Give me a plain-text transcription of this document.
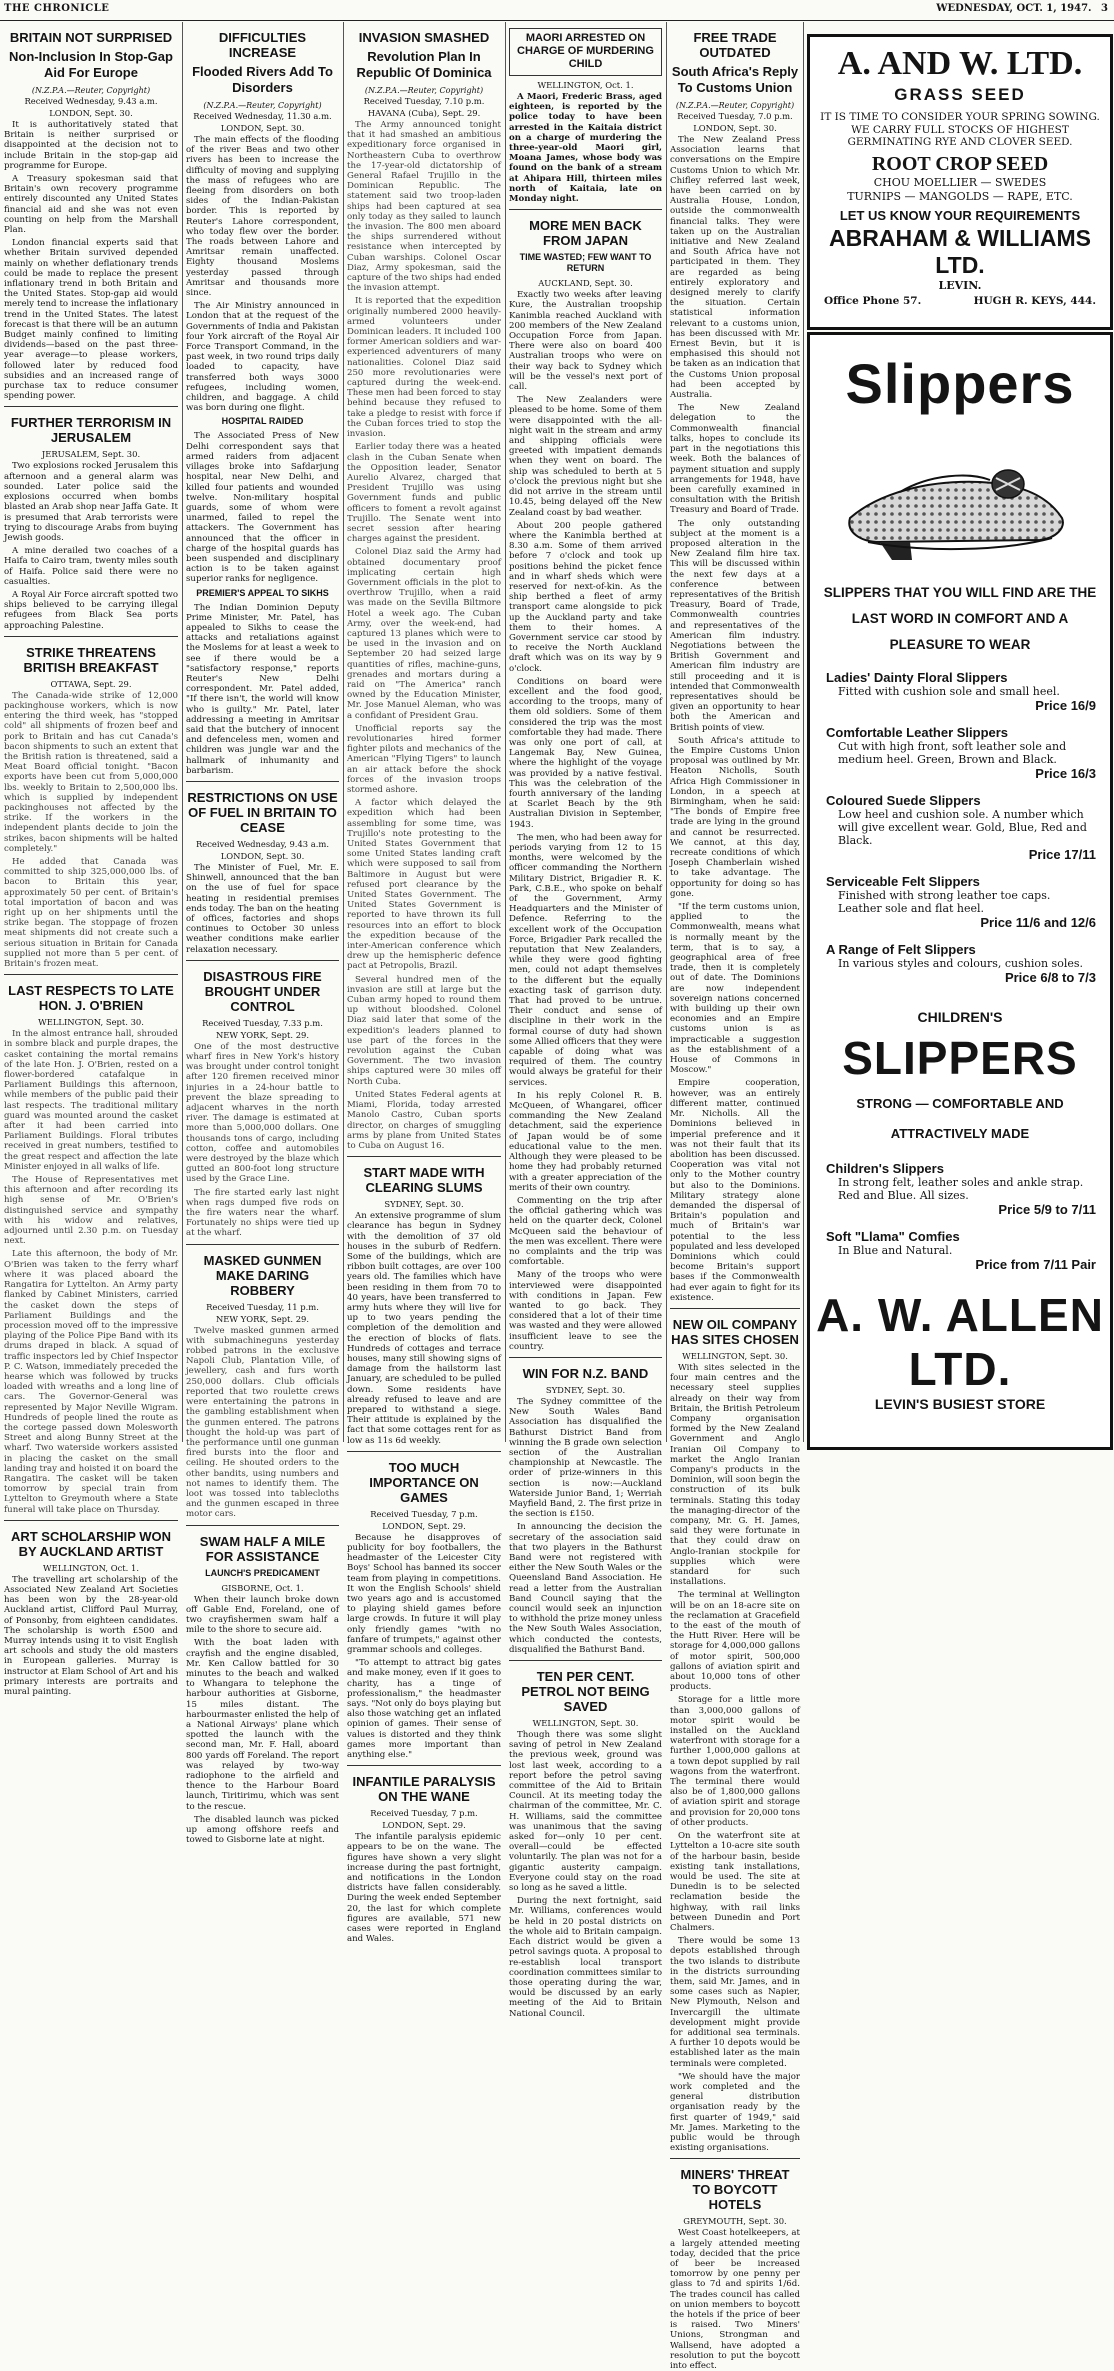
THE CHRONICLE	WEDNESDAY, OCT. 1, 1947. 3
BRITAIN NOT SURPRISED
Non-Inclusion In Stop-Gap Aid For Europe
(N.Z.P.A.—Reuter, Copyright)
Received Wednesday, 9.43 a.m.
LONDON, Sept. 30.

It is authoritatively stated that Britain is neither surprised or disappointed at the decision not to include Britain in the stop-gap aid programme for Europe.

A Treasury spokesman said that Britain's own recovery programme entirely discounted any United States financial aid and she was not even counting on help from the Marshall Plan.

London financial experts said that whether Britain survived depended mainly on whether deflationary trends could be made to replace the present inflationary trend in both Britain and the United States. Stop-gap aid would merely tend to increase the inflationary trend in the United States. The latest forecast is that there will be an autumn Budget mainly confined to limiting dividends—based on the past three-year average—to please workers, followed later by reduced food subsidies and an increased range of purchase tax to reduce consumer spending power.

FURTHER TERRORISM IN JERUSALEM
JERUSALEM, Sept. 30.

Two explosions rocked Jerusalem this afternoon and a general alarm was sounded. Later police said the explosions occurred when bombs blasted an Arab shop near Jaffa Gate. It is presumed that Arab terrorists were trying to discourage Arabs from buying Jewish goods.

A mine derailed two coaches of a Haifa to Cairo tram, twenty miles south of Haifa. Police said there were no casualties.

A Royal Air Force aircraft spotted two ships believed to be carrying illegal refugees from Black Sea ports approaching Palestine.

STRIKE THREATENS BRITISH BREAKFAST
OTTAWA, Sept. 29.

The Canada-wide strike of 12,000 packinghouse workers, which is now entering the third week, has "stopped cold" all shipments of frozen beef and pork to Britain and has cut Canada's bacon shipments to such an extent that the British ration is threatened, said a Meat Board official tonight. "Bacon exports have been cut from 5,000,000 lbs. weekly to Britain to 2,500,000 lbs. which is supplied by independent packinghouses not affected by the strike. If the workers in the independent plants decide to join the strikes, bacon shipments will be halted completely."

He added that Canada was committed to ship 325,000,000 lbs. of bacon to Britain this year, approximately 50 per cent. of Britain's total importation of bacon and was right up on her shipments until the strike began. The stoppage of frozen meat shipments did not create such a serious situation in Britain for Canada supplied not more than 5 per cent. of Britain's frozen meat.

LAST RESPECTS TO LATE HON. J. O'BRIEN
WELLINGTON, Sept. 30.

In the almost entrance hall, shrouded in sombre black and purple drapes, the casket containing the mortal remains of the late Hon. J. O'Brien, rested on a flower-bordered catafalque in Parliament Buildings this afternoon, while members of the public paid their last respects. The traditional military guard was mounted around the casket after it had been carried into Parliament Buildings. Floral tributes received in great numbers, testified to the great respect and affection the late Minister enjoyed in all walks of life.

The House of Representatives met this afternoon and after recording its high sense of Mr. O'Brien's distinguished service and sympathy with his widow and relatives, adjourned until 2.30 p.m. on Tuesday next.

Late this afternoon, the body of Mr. O'Brien was taken to the ferry wharf where it was placed aboard the Rangatira for Lyttelton. An Army party flanked by Cabinet Ministers, carried the casket down the steps of Parliament Buildings and the procession moved off to the impressive playing of the Police Pipe Band with its drums draped in black. A squad of traffic inspectors led by Chief Inspector P. C. Watson, immediately preceded the hearse which was followed by trucks loaded with wreaths and a long line of cars. The Governor-General was represented by Major Neville Wigram. Hundreds of people lined the route as the cortege passed down Molesworth Street and along Bunny Street at the wharf. Two waterside workers assisted in placing the casket on the small landing tray and hoisted it on board the Rangatira. The casket will be taken tomorrow by special train from Lyttelton to Greymouth where a State funeral will take place on Thursday.

ART SCHOLARSHIP WON BY AUCKLAND ARTIST
WELLINGTON, Oct. 1.

The travelling art scholarship of the Associated New Zealand Art Societies has been won by the 28-year-old Auckland artist, Clifford Paul Murray, of Ponsonby, from eighteen candidates. The scholarship is worth £500 and Murray intends using it to visit English art schools and study the old masters in European galleries. Murray is instructor at Elam School of Art and his primary interests are portraits and mural painting.

DIFFICULTIES INCREASE
Flooded Rivers Add To Disorders
(N.Z.P.A.—Reuter, Copyright)
Received Wednesday, 11.30 a.m.
LONDON, Sept. 30.

The main effects of the flooding of the river Beas and two other rivers has been to increase the difficulty of moving and supplying the mass of refugees who are fleeing from disorders on both sides of the Indian-Pakistan border. This is reported by Reuter's Lahore correspondent, who today flew over the border. The roads between Lahore and Amritsar remain unaffected. Eighty thousand Moslems yesterday passed through Amritsar and thousands more since.

The Air Ministry announced in London that at the request of the Governments of India and Pakistan four York aircraft of the Royal Air Force Transport Command, in the past week, in two round trips daily loaded to capacity, have transferred both ways 3000 refugees, including women, children, and baggage. A child was born during one flight.

HOSPITAL RAIDED

The Associated Press of New Delhi correspondent says that armed raiders from adjacent villages broke into Safdarjung hospital, near New Delhi, and killed four patients and wounded twelve. Non-military hospital guards, some of whom were unarmed, failed to repel the attackers. The Government has announced that the officer in charge of the hospital guards has been suspended and disciplinary action is to be taken against superior ranks for negligence.

PREMIER'S APPEAL TO SIKHS

The Indian Dominion Deputy Prime Minister, Mr. Patel, has appealed to Sikhs to cease the attacks and retaliations against the Moslems for at least a week to see if there would be a "satisfactory response," reports Reuter's New Delhi correspondent. Mr. Patel added, "If there isn't, the world will know who is guilty." Mr. Patel, later addressing a meeting in Amritsar said that the butchery of innocent and defenceless men, women and children was jungle war and the hallmark of inhumanity and barbarism.

RESTRICTIONS ON USE OF FUEL IN BRITAIN TO CEASE
Received Wednesday, 9.43 a.m.
LONDON, Sept. 30.

The Minister of Fuel, Mr. E. Shinwell, announced that the ban on the use of fuel for space heating in residential premises ends today. The ban on the heating of offices, factories and shops continues to October 30 unless weather conditions make earlier relaxation necessary.

DISASTROUS FIRE BROUGHT UNDER CONTROL
Received Tuesday, 7.33 p.m.
NEW YORK, Sept. 29.

One of the most destructive wharf fires in New York's history was brought under control tonight after 120 firemen received minor injuries in a 24-hour battle to prevent the blaze spreading to adjacent wharves in the north river. The damage is estimated at more than 5,000,000 dollars. One thousands tons of cargo, including cotton, coffee and automobiles were destroyed by the blaze which gutted an 800-foot long structure used by the Grace Line.

The fire started early last night when rags dumped five rods on the fire waters near the wharf. Fortunately no ships were tied up at the wharf.

MASKED GUNMEN MAKE DARING ROBBERY
Received Tuesday, 11 p.m.
NEW YORK, Sept. 29.

Twelve masked gunmen armed with submachineguns yesterday robbed patrons in the exclusive Napoli Club, Plantation Ville, of jewellery, cash and furs worth 250,000 dollars. Club officials reported that two roulette crews were entertaining the patrons in the gambling establishment when the gunmen entered. The patrons thought the hold-up was part of the performance until one gunman fired bursts into the floor and ceiling. He shouted orders to the other bandits, using numbers and not names to identify them. The loot was tossed into tablecloths and the gunmen escaped in three motor cars.

SWAM HALF A MILE FOR ASSISTANCE
LAUNCH'S PREDICAMENT
GISBORNE, Oct. 1.

When their launch broke down off Gable End, Foreland, one of two crayfishermen swam half a mile to the shore to secure aid.

With the boat laden with crayfish and the engine disabled, Mr. Ken Callow battled for 30 minutes to the beach and walked to Whangara to telephone the harbour authorities at Gisborne, 15 miles distant. The harbourmaster enlisted the help of a National Airways' plane which spotted the launch with the second man, Mr. F. Hall, aboard 800 yards off Foreland. The report was relayed by two-way radiophone to the airfield and thence to the Harbour Board launch, Tiritirimu, which was sent to the rescue.

The disabled launch was picked up among offshore reefs and towed to Gisborne late at night.

INVASION SMASHED
Revolution Plan In Republic Of Dominica
(N.Z.P.A.—Reuter, Copyright)
Received Tuesday, 7.10 p.m.
HAVANA (Cuba), Sept. 29.

The Army announced tonight that it had smashed an ambitious expeditionary force organised in Northeastern Cuba to overthrow the 17-year-old dictatorship of General Rafael Trujillo in the Dominican Republic. The statement said two troop-laden ships had been captured at sea only today as they sailed to launch the invasion. The 800 men aboard the ships surrendered without resistance when intercepted by Cuban warships. Colonel Oscar Diaz, Army spokesman, said the capture of the two ships had ended the invasion attempt.

It is reported that the expedition originally numbered 2000 heavily-armed volunteers under Dominican leaders. It included 100 former American soldiers and war-experienced adventurers of many nationalities. Colonel Diaz said 250 more revolutionaries were captured during the week-end. These men had been forced to stay behind because they refused to take a pledge to resist with force if the Cuban forces tried to stop the invasion.

Earlier today there was a heated clash in the Cuban Senate when the Opposition leader, Senator Aurelio Alvarez, charged that President Trujillo was using Government funds and public officers to foment a revolt against Trujillo. The Senate went into secret session after hearing charges against the president.

Colonel Diaz said the Army had obtained documentary proof implicating certain high Government officials in the plot to overthrow Trujillo, when a raid was made on the Sevilla Biltmore Hotel a week ago. The Cuban Army, over the week-end, had captured 13 planes which were to be used in the invasion and on September 20 had seized large quantities of rifles, machine-guns, grenades and mortars during a raid on "The America" ranch owned by the Education Minister, Mr. Jose Manuel Aleman, who was a confidant of President Grau.

Unofficial reports say the revolutionaries hired former fighter pilots and mechanics of the American "Flying Tigers" to launch an air attack before the shock forces of the invasion troops stormed ashore.

A factor which delayed the expedition which had been assembling for some time, was Trujillo's note protesting to the United States Government that some United States landing craft which were supposed to sail from Baltimore in August but were refused port clearance by the United States Government. The United States Government is reported to have thrown its full resources into an effort to block the expedition because of the inter-American conference which drew up the hemispheric defence pact at Petropolis, Brazil.

Several hundred men of the invasion are still at large but the Cuban army hoped to round them up without bloodshed. Colonel Diaz said later that some of the expedition's leaders planned to use part of the forces in the revolution against the Cuban Government. The two invasion ships captured were 30 miles off North Cuba.

United States Federal agents at Miami, Florida, today arrested Manolo Castro, Cuban sports director, on charges of smuggling arms by plane from United States to Cuba on August 16.

START MADE WITH CLEARING SLUMS
SYDNEY, Sept. 30.

An extensive programme of slum clearance has begun in Sydney with the demolition of 37 old houses in the suburb of Redfern. Some of the buildings, which are ribbon built cottages, are over 100 years old. The families which have been residing in them from 70 to 40 years, have been transferred to army huts where they will live for up to two years pending the completion of the demolition and the erection of blocks of flats. Hundreds of cottages and terrace houses, many still showing signs of damage from the hailstorm last January, are scheduled to be pulled down. Some residents have already refused to leave and are prepared to withstand a siege. Their attitude is explained by the fact that some cottages rent for as low as 11s 6d weekly.

TOO MUCH IMPORTANCE ON GAMES
Received Tuesday, 7 p.m.
LONDON, Sept. 29.

Because he disapproves of publicity for boy footballers, the headmaster of the Leicester City Boys' School has banned its soccer team from playing in competitions. It won the English Schools' shield two years ago and is accustomed to playing shield games before large crowds. In future it will play only friendly games "with no fanfare of trumpets," against other grammar schools and colleges.

"To attempt to attract big gates and make money, even if it goes to charity, has a tinge of professionalism," the headmaster says. "Not only do boys playing but also those watching get an inflated opinion of games. Their sense of values is distorted and they think games more important than anything else."

INFANTILE PARALYSIS ON THE WANE
Received Tuesday, 7 p.m.
LONDON, Sept. 29.

The infantile paralysis epidemic appears to be on the wane. The figures have shown a very slight increase during the past fortnight, and notifications in the London districts have fallen considerably. During the week ended September 20, the last for which complete figures are available, 571 new cases were reported in England and Wales.

MAORI ARRESTED ON CHARGE OF MURDERING CHILD
WELLINGTON, Oct. 1.

A Maori, Frederic Brass, aged eighteen, is reported by the police today to have been arrested in the Kaitaia district on a charge of murdering the three-year-old Maori girl, Moana James, whose body was found on the bank of a stream at Ahipara Hill, thirteen miles north of Kaitaia, late on Monday night.

MORE MEN BACK FROM JAPAN
TIME WASTED; FEW WANT TO RETURN
AUCKLAND, Sept. 30.

Exactly two weeks after leaving Kure, the Australian troopship Kanimbla reached Auckland with 200 members of the New Zealand Occupation Force from Japan. There were also on board 400 Australian troops who were on their way back to Sydney which will be the vessel's next port of call.

The New Zealanders were pleased to be home. Some of them were disappointed with the all-night wait in the stream and army and shipping officials were greeted with impatient demands when they went on board. The ship was scheduled to berth at 5 o'clock the previous night but she did not arrive in the stream until 10.45, being delayed off the New Zealand coast by bad weather.

About 200 people gathered where the Kanimbla berthed at 8.30 a.m. Some of them arrived before 7 o'clock and took up positions behind the picket fence and in wharf sheds which were reserved for next-of-kin. As the ship berthed a fleet of army transport came alongside to pick up the Auckland party and take them to their homes. A Government service car stood by to receive the North Auckland draft which was on its way by 9 o'clock.

Conditions on board were excellent and the food good, according to the troops, many of them old soldiers. Some of them considered the trip was the most comfortable they had made. There was only one port of call, at Langemak Bay, New Guinea, where the highlight of the voyage was provided by a native festival. This was the celebration of the fourth anniversary of the landing at Scarlet Beach by the 9th Australian Division in September, 1943.

The men, who had been away for periods varying from 12 to 15 months, were welcomed by the officer commanding the Northern Military District, Brigadier R. K. Park, C.B.E., who spoke on behalf of the Government, Army Headquarters and the Minister of Defence. Referring to the excellent work of the Occupation Force, Brigadier Park recalled the reputation that New Zealanders, while they were good fighting men, could not adapt themselves to the different but the equally exacting task of garrison duty. That had proved to be untrue. Their conduct and sense of discipline in their work in the formal course of duty had shown some Allied officers that they were capable of doing what was required of them. The country would always be grateful for their services.

In his reply Colonel R. B. McQueen, of Whangarei, officer commanding the New Zealand detachment, said the experience of Japan would be of some educational value to the men. Although they were pleased to be home they had probably returned with a greater appreciation of the merits of their own country.

Commenting on the trip after the official gathering which was held on the quarter deck, Colonel McQueen said the behaviour of the men was excellent. There were no complaints and the trip was comfortable.

Many of the troops who were interviewed were disappointed with conditions in Japan. Few wanted to go back. They considered that a lot of their time was wasted and they were allowed insufficient leave to see the country.

WIN FOR N.Z. BAND
SYDNEY, Sept. 30.

The Sydney committee of the New South Wales Band Association has disqualified the Bathurst District Band from winning the B grade own selection section of the Australian championship at Newcastle. The order of prize-winners in this section is now:—Auckland Waterside Junior Band, 1; Werriah Mayfield Band, 2. The first prize in the section is £150.

In announcing the decision the secretary of the association said that two players in the Bathurst Band were not registered with either the New South Wales or the Queensland Band Association. He read a letter from the Australian Band Council saying that the council would seek an injunction to withhold the prize money unless the New South Wales Association, which conducted the contests, disqualified the Bathurst Band.

TEN PER CENT. PETROL NOT BEING SAVED
WELLINGTON, Sept. 30.

Though there was some slight saving of petrol in New Zealand the previous week, ground was lost last week, according to a report before the petrol saving committee of the Aid to Britain Council. At its meeting today the chairman of the committee, Mr. C. H. Williams, said the committee was unanimous that the saving asked for—only 10 per cent. overall—could be effected voluntarily. The plan was not for a gigantic austerity campaign. Everyone could stay on the road so long as he saved a little.

During the next fortnight, said Mr. Williams, conferences would be held in 20 postal districts on the whole aid to Britain campaign. Each district would be given a petrol savings quota. A proposal to re-establish local transport coordination committees similar to those operating during the war, would be discussed by an early meeting of the Aid to Britain National Council.

FREE TRADE OUTDATED
South Africa's Reply To Customs Union
(N.Z.P.A.—Reuter, Copyright)
Received Tuesday, 7.0 p.m.
LONDON, Sept. 30.

The New Zealand Press Association learns that conversations on the Empire Customs Union to which Mr. Chifley referred last week, have been carried on by Australia House, London, outside the commonwealth financial talks. They were taken up on the Australian initiative and New Zealand and South Africa have not participated in them. They are regarded as being entirely exploratory and designed merely to clarify the situation. Certain statistical information relevant to a customs union, has been discussed with Mr. Ernest Bevin, but it is emphasised this should not be taken as an indication that the Customs Union proposal had been accepted by Australia.

The New Zealand delegation to the Commonwealth financial talks, hopes to conclude its part in the negotiations this week. Both the balances of payment situation and supply arrangements for 1948, have been carefully examined in consultation with the British Treasury and Board of Trade.

The only outstanding subject at the moment is a proposed alteration in the New Zealand film hire tax. This will be discussed within the next few days at a conference between representatives of the British Treasury, Board of Trade, Commonwealth countries and representatives of the American film industry. Negotiations between the British Government and American film industry are still proceeding and it is intended that Commonwealth representatives should be given an opportunity to hear both the American and British points of view.

South Africa's attitude to the Empire Customs Union proposal was outlined by Mr. Heaton Nicholls, South Africa High Commissioner in London, in a speech at Birmingham, when he said: "The bonds of Empire free trade are lying in the ground and cannot be resurrected. We cannot, at this day, recreate conditions of which Joseph Chamberlain wished to take advantage. The opportunity for doing so has gone.

"If the term customs union, applied to the Commonwealth, means what is normally meant by the term, that is to say, a geographical area of free trade, then it is completely out of date. The Dominions are now independent sovereign nations concerned with building up their own economies and an Empire customs union is as impracticable a suggestion as the establishment of a House of Commons in Moscow."

Empire cooperation, however, was an entirely different matter, continued Mr. Nicholls. All the Dominions believed in imperial preference and it was not their fault that its abolition has been discussed. Cooperation was vital not only to the Mother country but also to the Dominions. Military strategy alone demanded the dispersal of Britain's population and much of Britain's war potential to the less populated and less developed Dominions which could become Britain's support bases if the Commonwealth had ever again to fight for its existence.

NEW OIL COMPANY HAS SITES CHOSEN
WELLINGTON, Sept. 30.

With sites selected in the four main centres and the necessary steel supplies already on their way from Britain, the British Petroleum Company organisation formed by the New Zealand Government and Anglo Iranian Oil Company to market the Anglo Iranian Company's products in the Dominion, will soon begin the construction of its bulk terminals. Stating this today the managing-director of the company, Mr. G. H. James, said they were fortunate in that they could draw on Anglo-Iranian stockpile for supplies which were standard for such installations.

The terminal at Wellington will be on an 18-acre site on the reclamation at Gracefield to the east of the mouth of the Hutt River. Here will be storage for 4,000,000 gallons of motor spirit, 500,000 gallons of aviation spirit and about 10,000 tons of other products.

Storage for a little more than 3,000,000 gallons of motor spirit would be installed on the Auckland waterfront with storage for a further 1,000,000 gallons at a town depot supplied by rail wagons from the waterfront. The terminal there would also be of 1,800,000 gallons of aviation spirit and storage and provision for 20,000 tons of other products.

On the waterfront site at Lyttelton a 10-acre site south of the harbour basin, beside existing tank installations, would be used. The site at Dunedin is to be selected reclamation beside the highway, with rail links between Dunedin and Port Chalmers.

There would be some 13 depots established through the two islands to distribute in the districts surrounding them, said Mr. James, and in some cases such as Napier, New Plymouth, Nelson and Invercargill the ultimate development might provide for additional sea terminals. A further 10 depots would be established later as the main terminals were completed.

"We should have the major work completed and the general distribution organisation ready by the first quarter of 1949," said Mr. James. Marketing to the public would be through existing organisations.

MINERS' THREAT TO BOYCOTT HOTELS
GREYMOUTH, Sept. 30.

West Coast hotelkeepers, at a largely attended meeting today, decided that the price of beer be increased tomorrow by one penny per glass to 7d and spirits 1/6d. The trades council has called on union members to boycott the hotels if the price of beer is raised. Two Miners' Unions, Strongman and Wallsend, have adopted a resolution to put the boycott into effect.

A. AND W. LTD.
GRASS SEED
IT IS TIME TO CONSIDER YOUR SPRING SOWING. WE CARRY FULL STOCKS OF HIGHEST GERMINATING RYE AND CLOVER SEED.
ROOT CROP SEED
CHOU MOELLIER — SWEDES
TURNIPS — MANGOLDS — RAPE, ETC.
LET US KNOW YOUR REQUIREMENTS
ABRAHAM & WILLIAMS LTD.
LEVIN.
Office Phone 57.	HUGH R. KEYS, 444.
Slippers
SLIPPERS THAT YOU WILL FIND ARE THE LAST WORD IN COMFORT AND A PLEASURE TO WEAR
Ladies' Dainty Floral Slippers
Fitted with cushion sole and small heel.
Price 16/9
Comfortable Leather Slippers
Cut with high front, soft leather sole and medium heel. Green, Brown and Black.
Price 16/3
Coloured Suede Slippers
Low heel and cushion sole. A number which will give excellent wear. Gold, Blue, Red and Black.
Price 17/11
Serviceable Felt Slippers
Finished with strong leather toe caps. Leather sole and flat heel.
Price 11/6 and 12/6
A Range of Felt Slippers
In various styles and colours, cushion soles.
Price 6/8 to 7/3
CHILDREN'S
SLIPPERS
STRONG — COMFORTABLE AND ATTRACTIVELY MADE
Children's Slippers
In strong felt, leather soles and ankle strap. Red and Blue. All sizes.
Price 5/9 to 7/11
Soft "Llama" Comfies
In Blue and Natural.
Price from 7/11 Pair
A. W. ALLEN LTD.
LEVIN'S BUSIEST STORE
